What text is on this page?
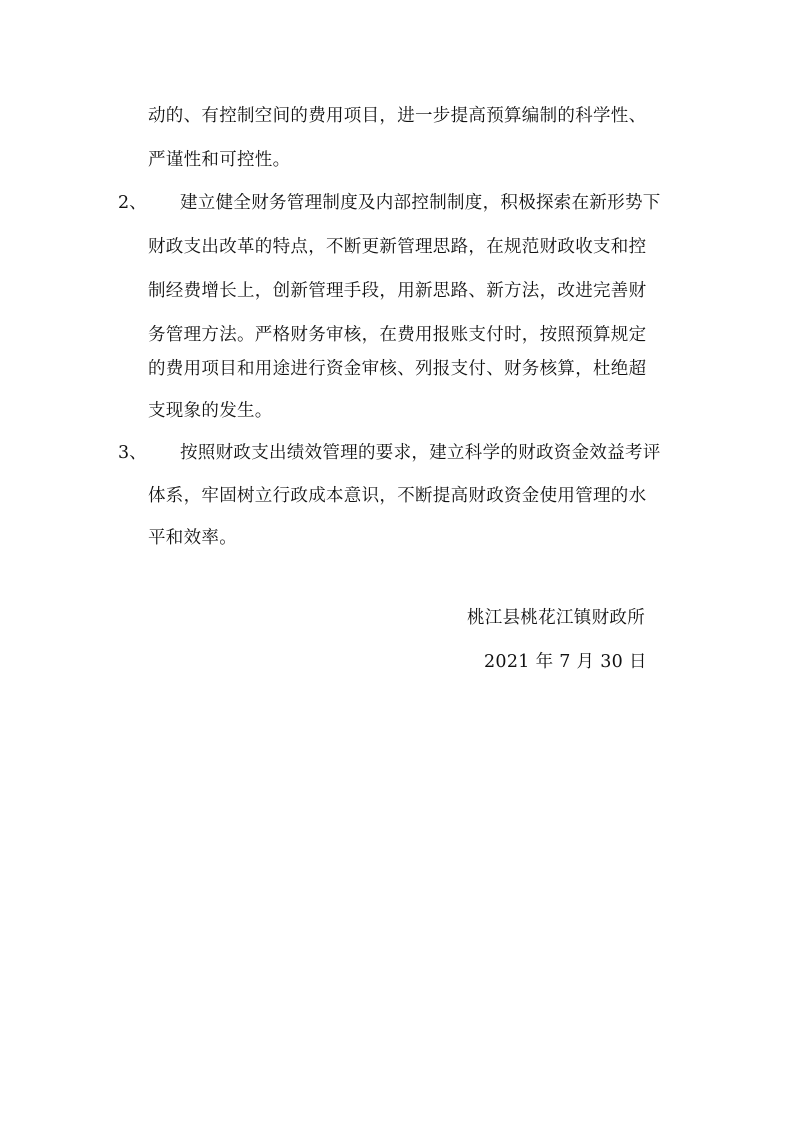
动的、有控制空间的费用项目，进一步提高预算编制的科学性、
严谨性和可控性。
2、 建立健全财务管理制度及内部控制制度，积极探索在新形势下
财政支出改革的特点，不断更新管理思路，在规范财政收支和控
制经费增长上，创新管理手段，用新思路、新方法，改进完善财
务管理方法。严格财务审核，在费用报账支付时，按照预算规定
的费用项目和用途进行资金审核、列报支付、财务核算，杜绝超
支现象的发生。
3、 按照财政支出绩效管理的要求，建立科学的财政资金效益考评
体系，牢固树立行政成本意识，不断提高财政资金使用管理的水
平和效率。
桃江县桃花江镇财政所
2021 年 7 月 30 日
